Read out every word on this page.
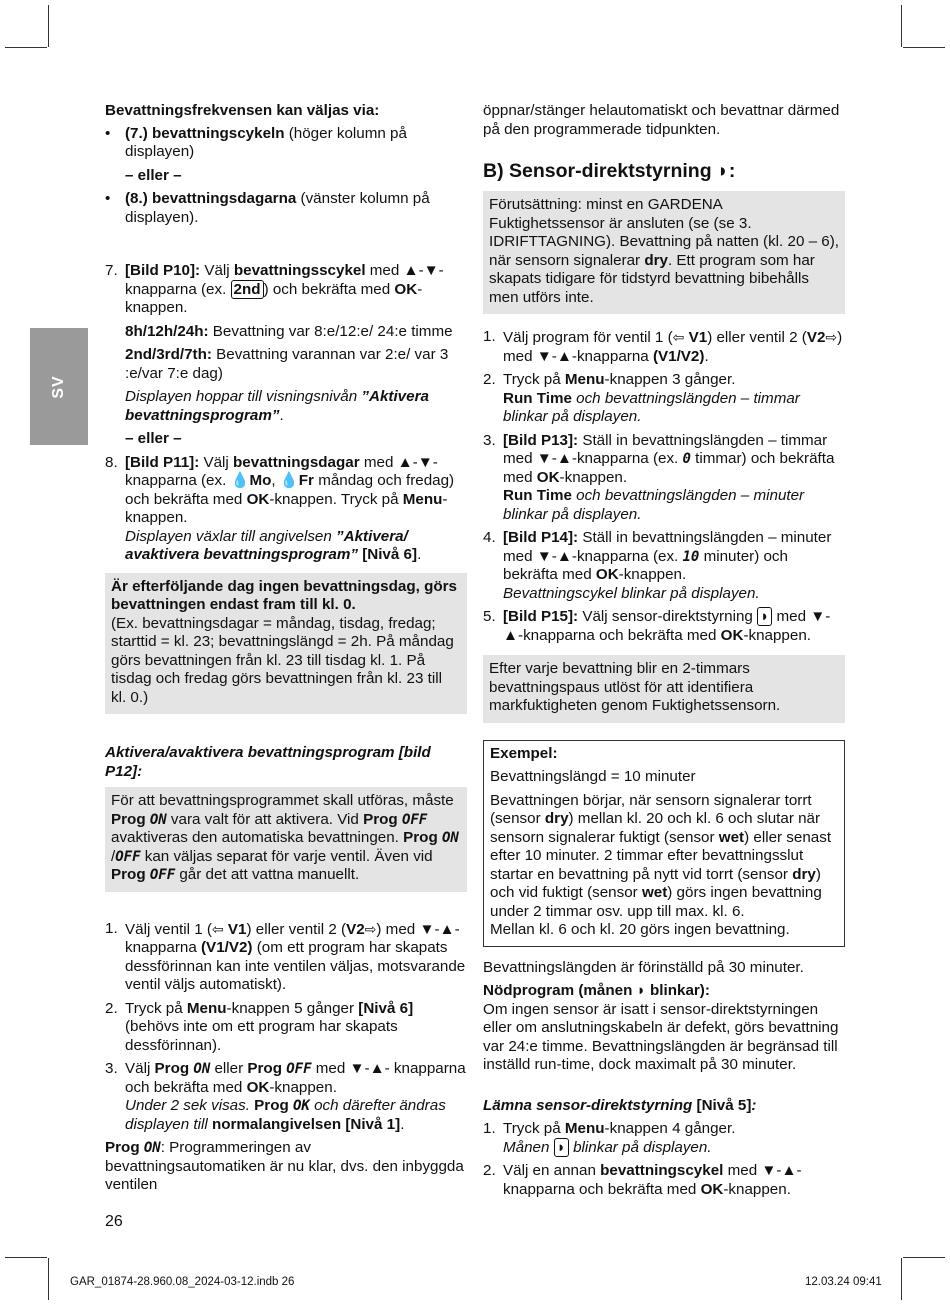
SV

Bevattningsfrekvensen kan väljas via:

• (7.) bevattningscykeln (höger kolumn på displayen)

– eller –

• (8.) bevattningsdagarna (vänster kolumn på displayen).

7. [Bild P10]: Välj bevattningsscykel med ▲-▼-knapparna (ex. 2nd ) och bekräfta med OK-knappen.

8h/12h/24h: Bevattning var 8:e/12:e/ 24:e timme

2nd/3rd/7th: Bevattning varannan var 2:e/ var 3 :e/var 7:e dag)

Displayen hoppar till visningsnivån ”Aktivera bevattningsprogram”.

– eller –

8. [Bild P11]: Välj bevattningsdagar med ▲-▼-knapparna (ex. 💧Mo, 💧Fr måndag och fredag) och bekräfta med OK-knappen. Tryck på Menu-knappen.
Displayen växlar till angivelsen ”Aktivera/ avaktivera bevattningsprogram” [Nivå 6].

Är efterföljande dag ingen bevattningsdag, görs bevattningen endast fram till kl. 0.

(Ex. bevattningsdagar = måndag, tisdag, fredag; starttid = kl. 23; bevattningslängd = 2h. På måndag görs bevattningen från kl. 23 till tisdag kl. 1. På tisdag och fredag görs bevattningen från kl. 23 till kl. 0.)

Aktivera/avaktivera bevattningsprogram [bild P12]:

För att bevattningsprogrammet skall utföras, måste Prog ON vara valt för att aktivera. Vid Prog OFF avaktiveras den automatiska bevattningen. Prog ON /OFF kan väljas separat för varje ventil. Även vid Prog OFF går det att vattna manuellt.

1. Välj ventil 1 (⇦ V1) eller ventil 2 (V2⇨) med ▼-▲-knapparna (V1/V2) (om ett program har skapats dessförinnan kan inte ventilen väljas, motsvarande ventil väljs automatiskt).

2. Tryck på Menu-knappen 5 gånger [Nivå 6] (behövs inte om ett program har skapats dessförinnan).

3. Välj Prog ON eller Prog OFF med ▼-▲- knapparna och bekräfta med OK-knappen.
Under 2 sek visas. Prog OK och därefter ändras displayen till normalangivelsen [Nivå 1].

Prog ON: Programmeringen av bevattningsautomatiken är nu klar, dvs. den inbyggda ventilen

öppnar/stänger helautomatiskt och bevattnar därmed på den programmerade tidpunkten.

B) Sensor-direktstyrning ◗:

Förutsättning: minst en GARDENA Fuktighetssensor är ansluten (se (se 3. IDRIFTTAGNING). Bevattning på natten (kl. 20 – 6), när sensorn signalerar dry. Ett program som har skapats tidigare för tidstyrd bevattning bibehålls men utförs inte.

1. Välj program för ventil 1 (⇦ V1) eller ventil 2 (V2⇨) med ▼-▲-knapparna (V1/V2).

2. Tryck på Menu-knappen 3 gånger.
Run Time och bevattningslängden – timmar blinkar på displayen.

3. [Bild P13]: Ställ in bevattningslängden – timmar med ▼-▲-knapparna (ex. 0 timmar) och bekräfta med OK-knappen.
Run Time och bevattningslängden – minuter blinkar på displayen.

4. [Bild P14]: Ställ in bevattningslängden – minuter med ▼-▲-knapparna (ex. 10 minuter) och bekräfta med OK-knappen.
Bevattningscykel blinkar på displayen.

5. [Bild P15]: Välj sensor-direktstyrning ◗ med ▼-▲-knapparna och bekräfta med OK-knappen.

Efter varje bevattning blir en 2-timmars bevattningspaus utlöst för att identifiera markfuktigheten genom Fuktighetssensorn.

Exempel:

Bevattningslängd = 10 minuter

Bevattningen börjar, när sensorn signalerar torrt (sensor dry) mellan kl. 20 och kl. 6 och slutar när sensorn signalerar fuktigt (sensor wet) eller senast efter 10 minuter. 2 timmar efter bevattningsslut startar en bevattning på nytt vid torrt (sensor dry) och vid fuktigt (sensor wet) görs ingen bevattning under 2 timmar osv. upp till max. kl. 6.

Mellan kl. 6 och kl. 20 görs ingen bevattning.

Bevattningslängden är förinställd på 30 minuter.

Nödprogram (månen ◗ blinkar):

Om ingen sensor är isatt i sensor-direktstyrningen eller om anslutningskabeln är defekt, görs bevattning var 24:e timme. Bevattningslängden är begränsad till inställd run-time, dock maximalt på 30 minuter.

Lämna sensor-direktstyrning [Nivå 5]:

1. Tryck på Menu-knappen 4 gånger.
Månen ◗ blinkar på displayen.

2. Välj en annan bevattningscykel med ▼-▲-knapparna och bekräfta med OK-knappen.

26
GAR_01874-28.960.08_2024-03-12.indb 26	12.03.24 09:41
